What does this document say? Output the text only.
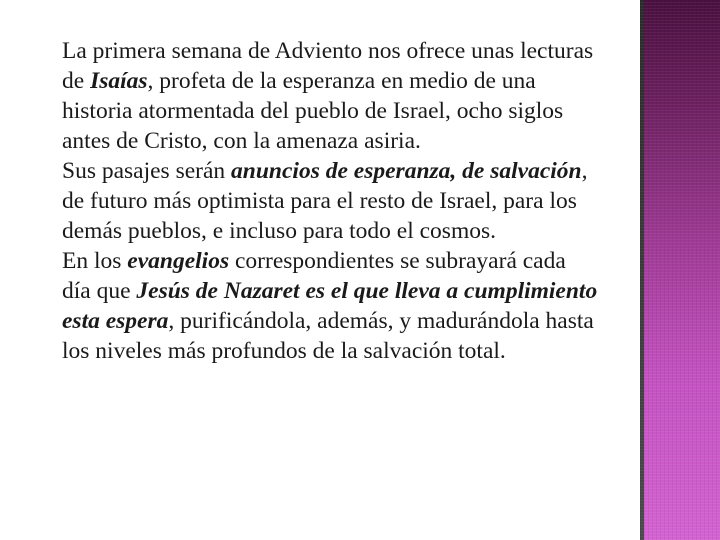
La primera semana de Adviento nos ofrece unas lecturas de Isaías, profeta de la esperanza en medio de una historia atormentada del pueblo de Israel, ocho siglos antes de Cristo, con la amenaza asiria.

Sus pasajes serán anuncios de esperanza, de salvación, de futuro más optimista para el resto de Israel, para los demás pueblos, e incluso para todo el cosmos.

En los evangelios correspondientes se subrayará cada día que Jesús de Nazaret es el que lleva a cumplimiento esta espera, purificándola, además, y madurándola hasta los niveles más profundos de la salvación total.
